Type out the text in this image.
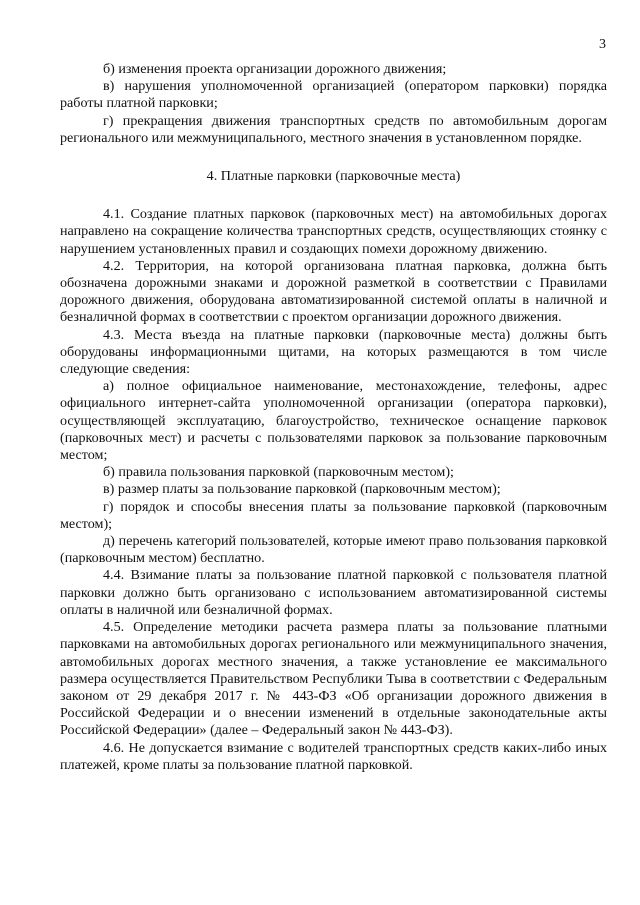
3

б) изменения проекта организации дорожного движения;

в) нарушения уполномоченной организацией (оператором парковки) порядка работы платной парковки;

г) прекращения движения транспортных средств по автомобильным дорогам регионального или межмуниципального, местного значения в установленном порядке.

4. Платные парковки (парковочные места)

4.1. Создание платных парковок (парковочных мест) на автомобильных дорогах направлено на сокращение количества транспортных средств, осуществляющих стоянку с нарушением установленных правил и создающих помехи дорожному движению.

4.2. Территория, на которой организована платная парковка, должна быть обозначена дорожными знаками и дорожной разметкой в соответствии с Правилами дорожного движения, оборудована автоматизированной системой оплаты в наличной и безналичной формах в соответствии с проектом организации дорожного движения.

4.3. Места въезда на платные парковки (парковочные места) должны быть оборудованы информационными щитами, на которых размещаются в том числе следующие сведения:

а) полное официальное наименование, местонахождение, телефоны, адрес официального интернет-сайта уполномоченной организации (оператора парковки), осуществляющей эксплуатацию, благоустройство, техническое оснащение парковок (парковочных мест) и расчеты с пользователями парковок за пользование парковочным местом;

б) правила пользования парковкой (парковочным местом);

в) размер платы за пользование парковкой (парковочным местом);

г) порядок и способы внесения платы за пользование парковкой (парковочным местом);

д) перечень категорий пользователей, которые имеют право пользования парковкой (парковочным местом) бесплатно.

4.4. Взимание платы за пользование платной парковкой с пользователя платной парковки должно быть организовано с использованием автоматизированной системы оплаты в наличной или безналичной формах.

4.5. Определение методики расчета размера платы за пользование платными парковками на автомобильных дорогах регионального или межмуниципального значения, автомобильных дорогах местного значения, а также установление ее максимального размера осуществляется Правительством Республики Тыва в соответствии с Федеральным законом от 29 декабря 2017 г. № 443-ФЗ «Об организации дорожного движения в Российской Федерации и о внесении изменений в отдельные законодательные акты Российской Федерации» (далее – Федеральный закон № 443-ФЗ).

4.6. Не допускается взимание с водителей транспортных средств каких-либо иных платежей, кроме платы за пользование платной парковкой.
